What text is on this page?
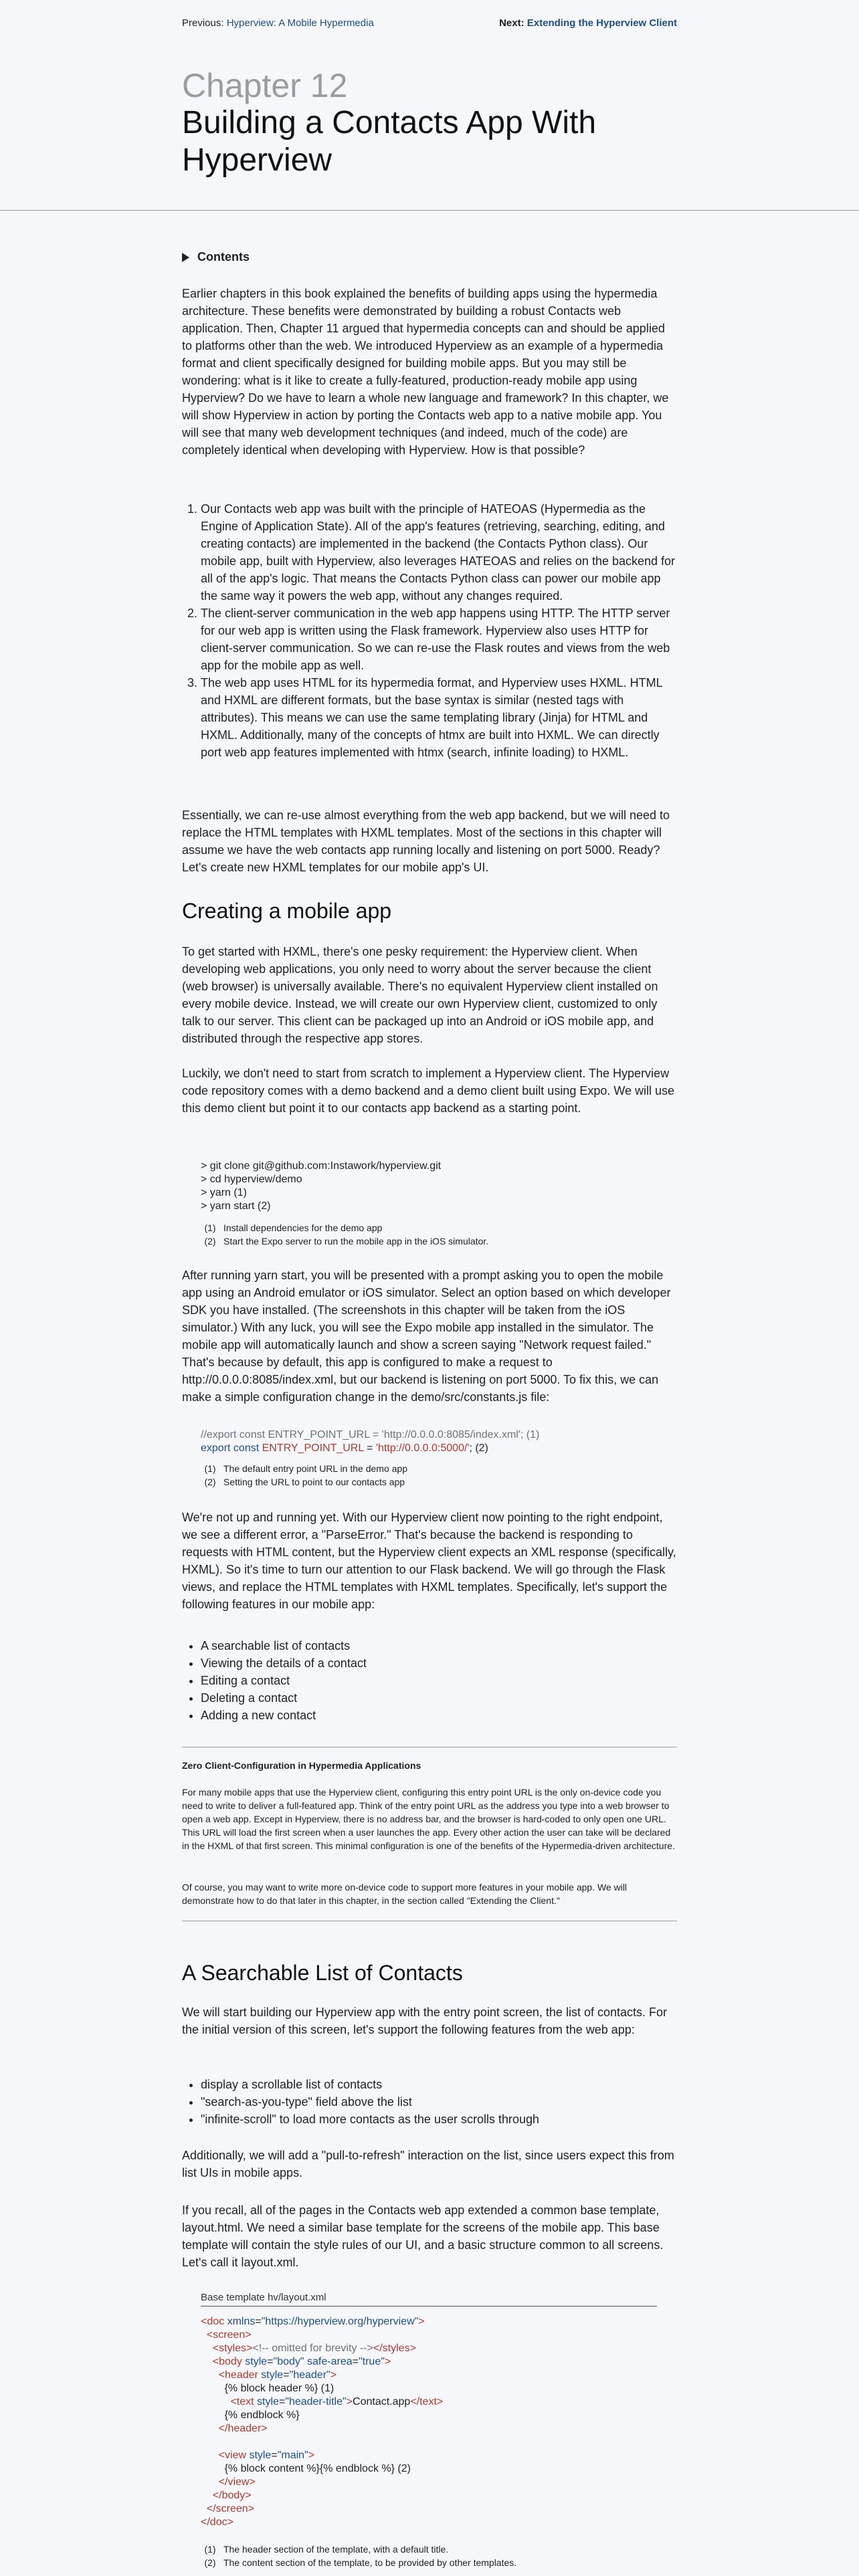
Previous: Hyperview: A Mobile Hypermedia	Next: Extending the Hyperview Client
Chapter 12
Building a Contacts App With Hyperview
Contents

Earlier chapters in this book explained the benefits of building apps using the hypermedia architecture. These benefits were demonstrated by building a robust Contacts web application. Then, Chapter 11 argued that hypermedia concepts can and should be applied to platforms other than the web. We introduced Hyperview as an example of a hypermedia format and client specifically designed for building mobile apps. But you may still be wondering: what is it like to create a fully-featured, production-ready mobile app using Hyperview? Do we have to learn a whole new language and framework? In this chapter, we will show Hyperview in action by porting the Contacts web app to a native mobile app. You will see that many web development techniques (and indeed, much of the code) are completely identical when developing with Hyperview. How is that possible?

1. Our Contacts web app was built with the principle of HATEOAS (Hypermedia as the Engine of Application State). All of the app's features (retrieving, searching, editing, and creating contacts) are implemented in the backend (the Contacts Python class). Our mobile app, built with Hyperview, also leverages HATEOAS and relies on the backend for all of the app's logic. That means the Contacts Python class can power our mobile app the same way it powers the web app, without any changes required.
2. The client-server communication in the web app happens using HTTP. The HTTP server for our web app is written using the Flask framework. Hyperview also uses HTTP for client-server communication. So we can re-use the Flask routes and views from the web app for the mobile app as well.
3. The web app uses HTML for its hypermedia format, and Hyperview uses HXML. HTML and HXML are different formats, but the base syntax is similar (nested tags with attributes). This means we can use the same templating library (Jinja) for HTML and HXML. Additionally, many of the concepts of htmx are built into HXML. We can directly port web app features implemented with htmx (search, infinite loading) to HXML.

Essentially, we can re-use almost everything from the web app backend, but we will need to replace the HTML templates with HXML templates. Most of the sections in this chapter will assume we have the web contacts app running locally and listening on port 5000. Ready? Let's create new HXML templates for our mobile app's UI.

Creating a mobile app

To get started with HXML, there's one pesky requirement: the Hyperview client. When developing web applications, you only need to worry about the server because the client (web browser) is universally available. There's no equivalent Hyperview client installed on every mobile device. Instead, we will create our own Hyperview client, customized to only talk to our server. This client can be packaged up into an Android or iOS mobile app, and distributed through the respective app stores.

Luckily, we don't need to start from scratch to implement a Hyperview client. The Hyperview code repository comes with a demo backend and a demo client built using Expo. We will use this demo client but point it to our contacts app backend as a starting point.

> git clone git@github.com:Instawork/hyperview.git
> cd hyperview/demo
> yarn (1)
> yarn start (2)
(1) Install dependencies for the demo app
(2) Start the Expo server to run the mobile app in the iOS simulator.

After running yarn start, you will be presented with a prompt asking you to open the mobile app using an Android emulator or iOS simulator. Select an option based on which developer SDK you have installed. (The screenshots in this chapter will be taken from the iOS simulator.) With any luck, you will see the Expo mobile app installed in the simulator. The mobile app will automatically launch and show a screen saying "Network request failed." That's because by default, this app is configured to make a request to http://0.0.0.0:8085/index.xml, but our backend is listening on port 5000. To fix this, we can make a simple configuration change in the demo/src/constants.js file:

//export const ENTRY_POINT_URL = 'http://0.0.0.0:8085/index.xml'; (1)
export const ENTRY_POINT_URL = 'http://0.0.0.0:5000/'; (2)
(1) The default entry point URL in the demo app
(2) Setting the URL to point to our contacts app

We're not up and running yet. With our Hyperview client now pointing to the right endpoint, we see a different error, a "ParseError." That's because the backend is responding to requests with HTML content, but the Hyperview client expects an XML response (specifically, HXML). So it's time to turn our attention to our Flask backend. We will go through the Flask views, and replace the HTML templates with HXML templates. Specifically, let's support the following features in our mobile app:

• A searchable list of contacts
• Viewing the details of a contact
• Editing a contact
• Deleting a contact
• Adding a new contact
Zero Client-Configuration in Hypermedia Applications

For many mobile apps that use the Hyperview client, configuring this entry point URL is the only on-device code you need to write to deliver a full-featured app. Think of the entry point URL as the address you type into a web browser to open a web app. Except in Hyperview, there is no address bar, and the browser is hard-coded to only open one URL. This URL will load the first screen when a user launches the app. Every other action the user can take will be declared in the HXML of that first screen. This minimal configuration is one of the benefits of the Hypermedia-driven architecture.

Of course, you may want to write more on-device code to support more features in your mobile app. We will demonstrate how to do that later in this chapter, in the section called "Extending the Client."

A Searchable List of Contacts

We will start building our Hyperview app with the entry point screen, the list of contacts. For the initial version of this screen, let's support the following features from the web app:

• display a scrollable list of contacts
• "search-as-you-type" field above the list
• "infinite-scroll" to load more contacts as the user scrolls through

Additionally, we will add a "pull-to-refresh" interaction on the list, since users expect this from list UIs in mobile apps.

If you recall, all of the pages in the Contacts web app extended a common base template, layout.html. We need a similar base template for the screens of the mobile app. This base template will contain the style rules of our UI, and a basic structure common to all screens. Let's call it layout.xml.

Base template hv/layout.xml
<doc xmlns="https://hyperview.org/hyperview">
<screen>
<styles><!-- omitted for brevity --></styles>
<body style="body" safe-area="true">
<header style="header">
{% block header %} (1)
<text style="header-title">Contact.app</text>
{% endblock %}
</header>

<view style="main">
{% block content %}{% endblock %} (2)
</view>
</body>
</screen>
</doc>
(1) The header section of the template, with a default title.
(2) The content section of the template, to be provided by other templates.
